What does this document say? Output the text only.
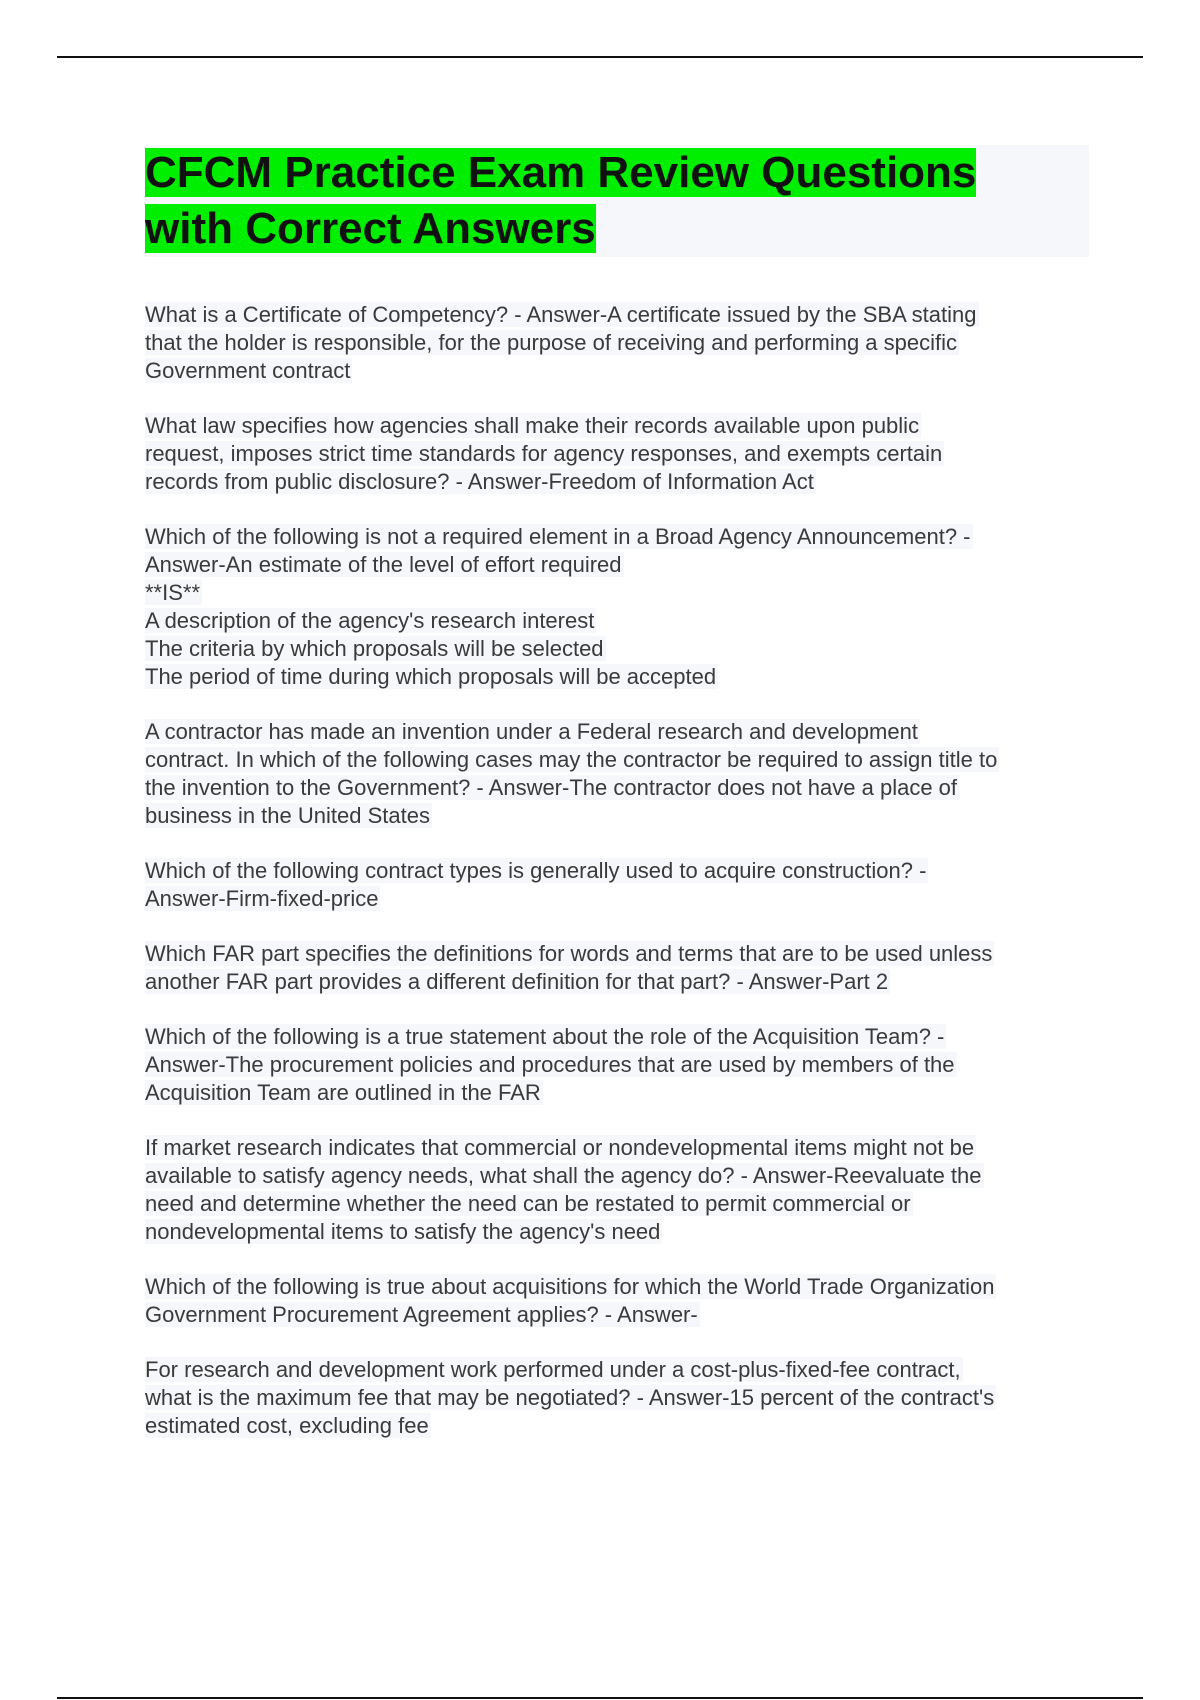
CFCM Practice Exam Review Questions
with Correct Answers
What is a Certificate of Competency? - Answer-A certificate issued by the SBA stating
that the holder is responsible, for the purpose of receiving and performing a specific
Government contract
What law specifies how agencies shall make their records available upon public
request, imposes strict time standards for agency responses, and exempts certain
records from public disclosure? - Answer-Freedom of Information Act
Which of the following is not a required element in a Broad Agency Announcement? -
Answer-An estimate of the level of effort required
**IS**
A description of the agency's research interest
The criteria by which proposals will be selected
The period of time during which proposals will be accepted
A contractor has made an invention under a Federal research and development
contract. In which of the following cases may the contractor be required to assign title to
the invention to the Government? - Answer-The contractor does not have a place of
business in the United States
Which of the following contract types is generally used to acquire construction? -
Answer-Firm-fixed-price
Which FAR part specifies the definitions for words and terms that are to be used unless
another FAR part provides a different definition for that part? - Answer-Part 2
Which of the following is a true statement about the role of the Acquisition Team? -
Answer-The procurement policies and procedures that are used by members of the
Acquisition Team are outlined in the FAR
If market research indicates that commercial or nondevelopmental items might not be
available to satisfy agency needs, what shall the agency do? - Answer-Reevaluate the
need and determine whether the need can be restated to permit commercial or
nondevelopmental items to satisfy the agency's need
Which of the following is true about acquisitions for which the World Trade Organization
Government Procurement Agreement applies? - Answer-
For research and development work performed under a cost-plus-fixed-fee contract,
what is the maximum fee that may be negotiated? - Answer-15 percent of the contract's
estimated cost, excluding fee
